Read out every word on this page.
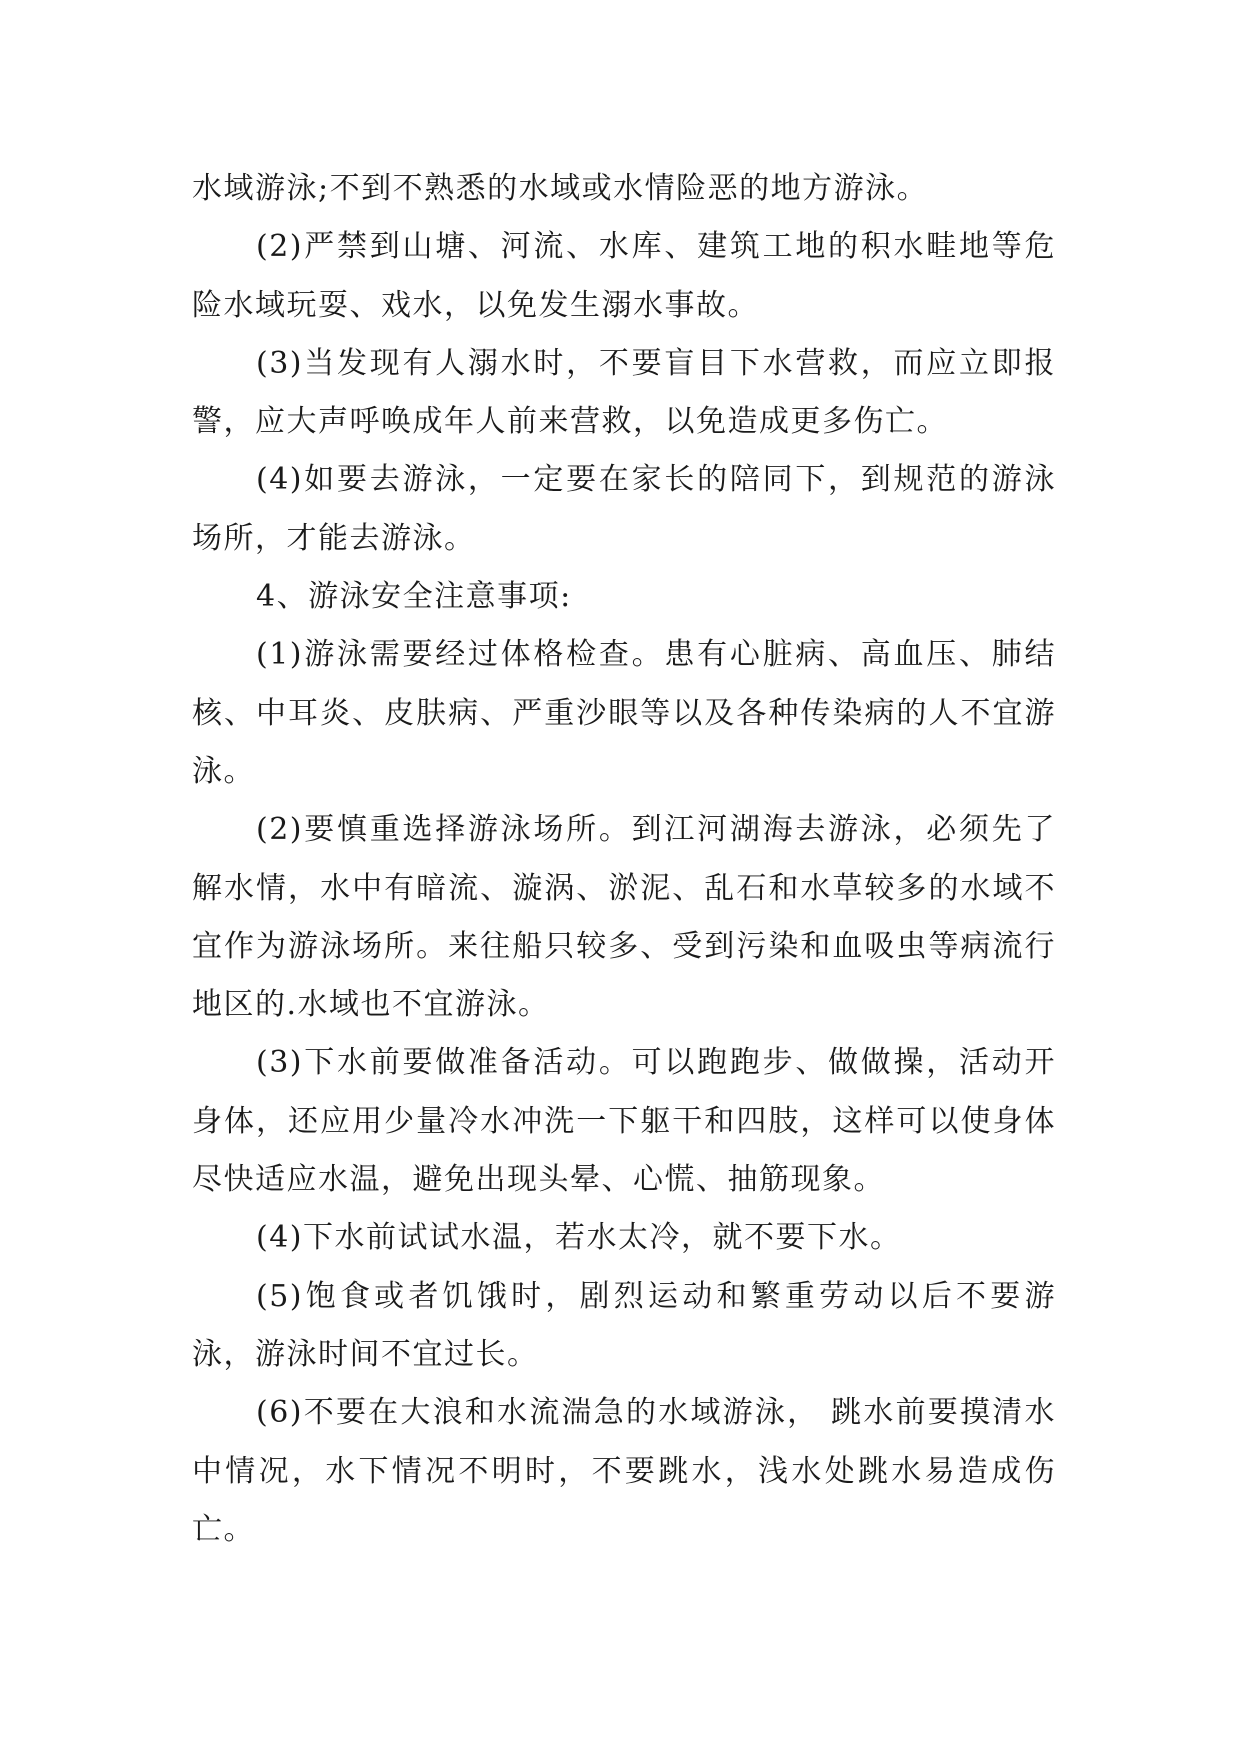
水域游泳;不到不熟悉的水域或水情险恶的地方游泳。

(2)严禁到山塘、河流、水库、建筑工地的积水畦地等危险水域玩耍、戏水，以免发生溺水事故。

(3)当发现有人溺水时，不要盲目下水营救，而应立即报警，应大声呼唤成年人前来营救，以免造成更多伤亡。

(4)如要去游泳，一定要在家长的陪同下，到规范的游泳场所，才能去游泳。

4、游泳安全注意事项:

(1)游泳需要经过体格检查。患有心脏病、高血压、肺结核、中耳炎、皮肤病、严重沙眼等以及各种传染病的人不宜游泳。

(2)要慎重选择游泳场所。到江河湖海去游泳，必须先了解水情，水中有暗流、漩涡、淤泥、乱石和水草较多的水域不宜作为游泳场所。来往船只较多、受到污染和血吸虫等病流行地区的.水域也不宜游泳。

(3)下水前要做准备活动。可以跑跑步、做做操，活动开身体，还应用少量冷水冲洗一下躯干和四肢，这样可以使身体尽快适应水温，避免出现头晕、心慌、抽筋现象。

(4)下水前试试水温，若水太冷，就不要下水。

(5)饱食或者饥饿时，剧烈运动和繁重劳动以后不要游泳，游泳时间不宜过长。

(6)不要在大浪和水流湍急的水域游泳， 跳水前要摸清水中情况，水下情况不明时，不要跳水，浅水处跳水易造成伤亡。
